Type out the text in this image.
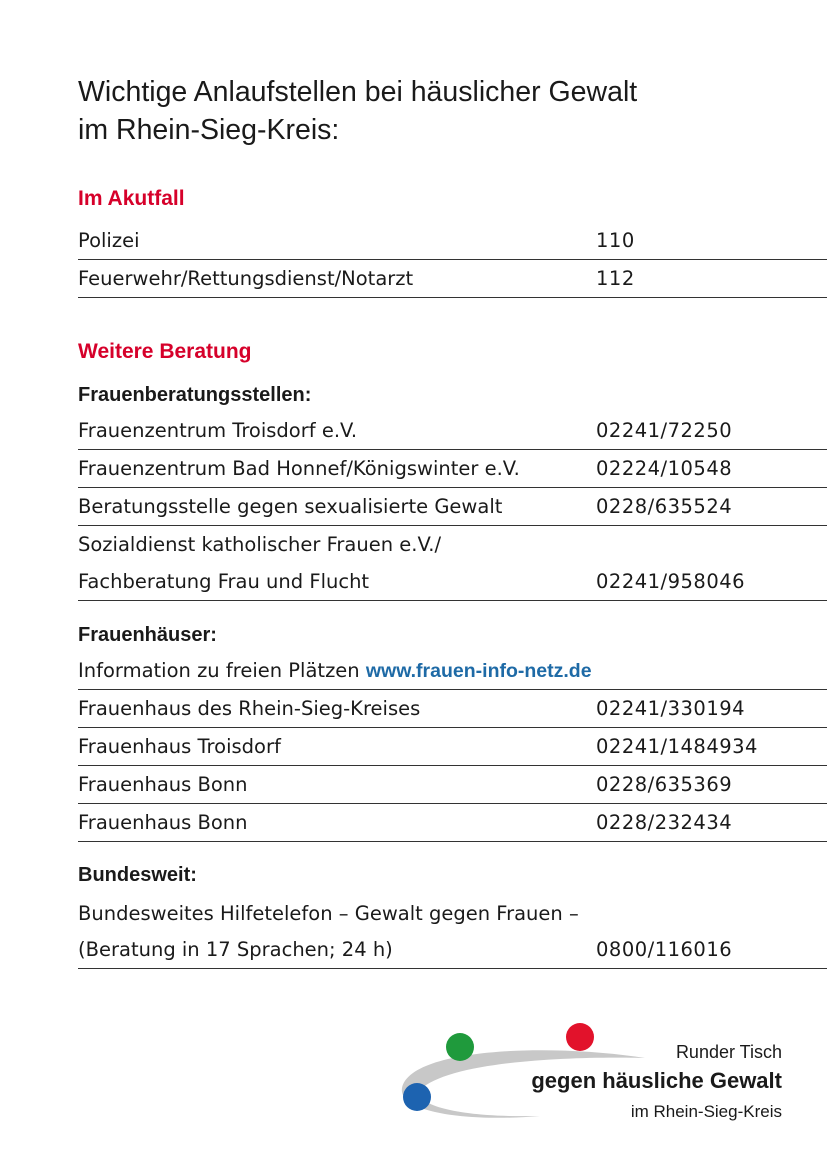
Wichtige Anlaufstellen bei häuslicher Gewalt
im Rhein-Sieg-Kreis:
Im Akutfall
Polizei	110
Feuerwehr/Rettungsdienst/Notarzt	112
Weitere Beratung
Frauenberatungsstellen:
Frauenzentrum Troisdorf e.V.	02241/72250
Frauenzentrum Bad Honnef/Königswinter e.V.	02224/10548
Beratungsstelle gegen sexualisierte Gewalt	0228/635524
Sozialdienst katholischer Frauen e.V./
Fachberatung Frau und Flucht	02241/958046
Frauenhäuser:
Information zu freien Plätzen www.frauen-info-netz.de
Frauenhaus des Rhein-Sieg-Kreises	02241/330194
Frauenhaus Troisdorf	02241/1484934
Frauenhaus Bonn	0228/635369
Frauenhaus Bonn	0228/232434
Bundesweit:
Bundesweites Hilfetelefon – Gewalt gegen Frauen –
(Beratung in 17 Sprachen; 24 h)	0800/116016
Runder Tisch
gegen häusliche Gewalt
im Rhein-Sieg-Kreis
